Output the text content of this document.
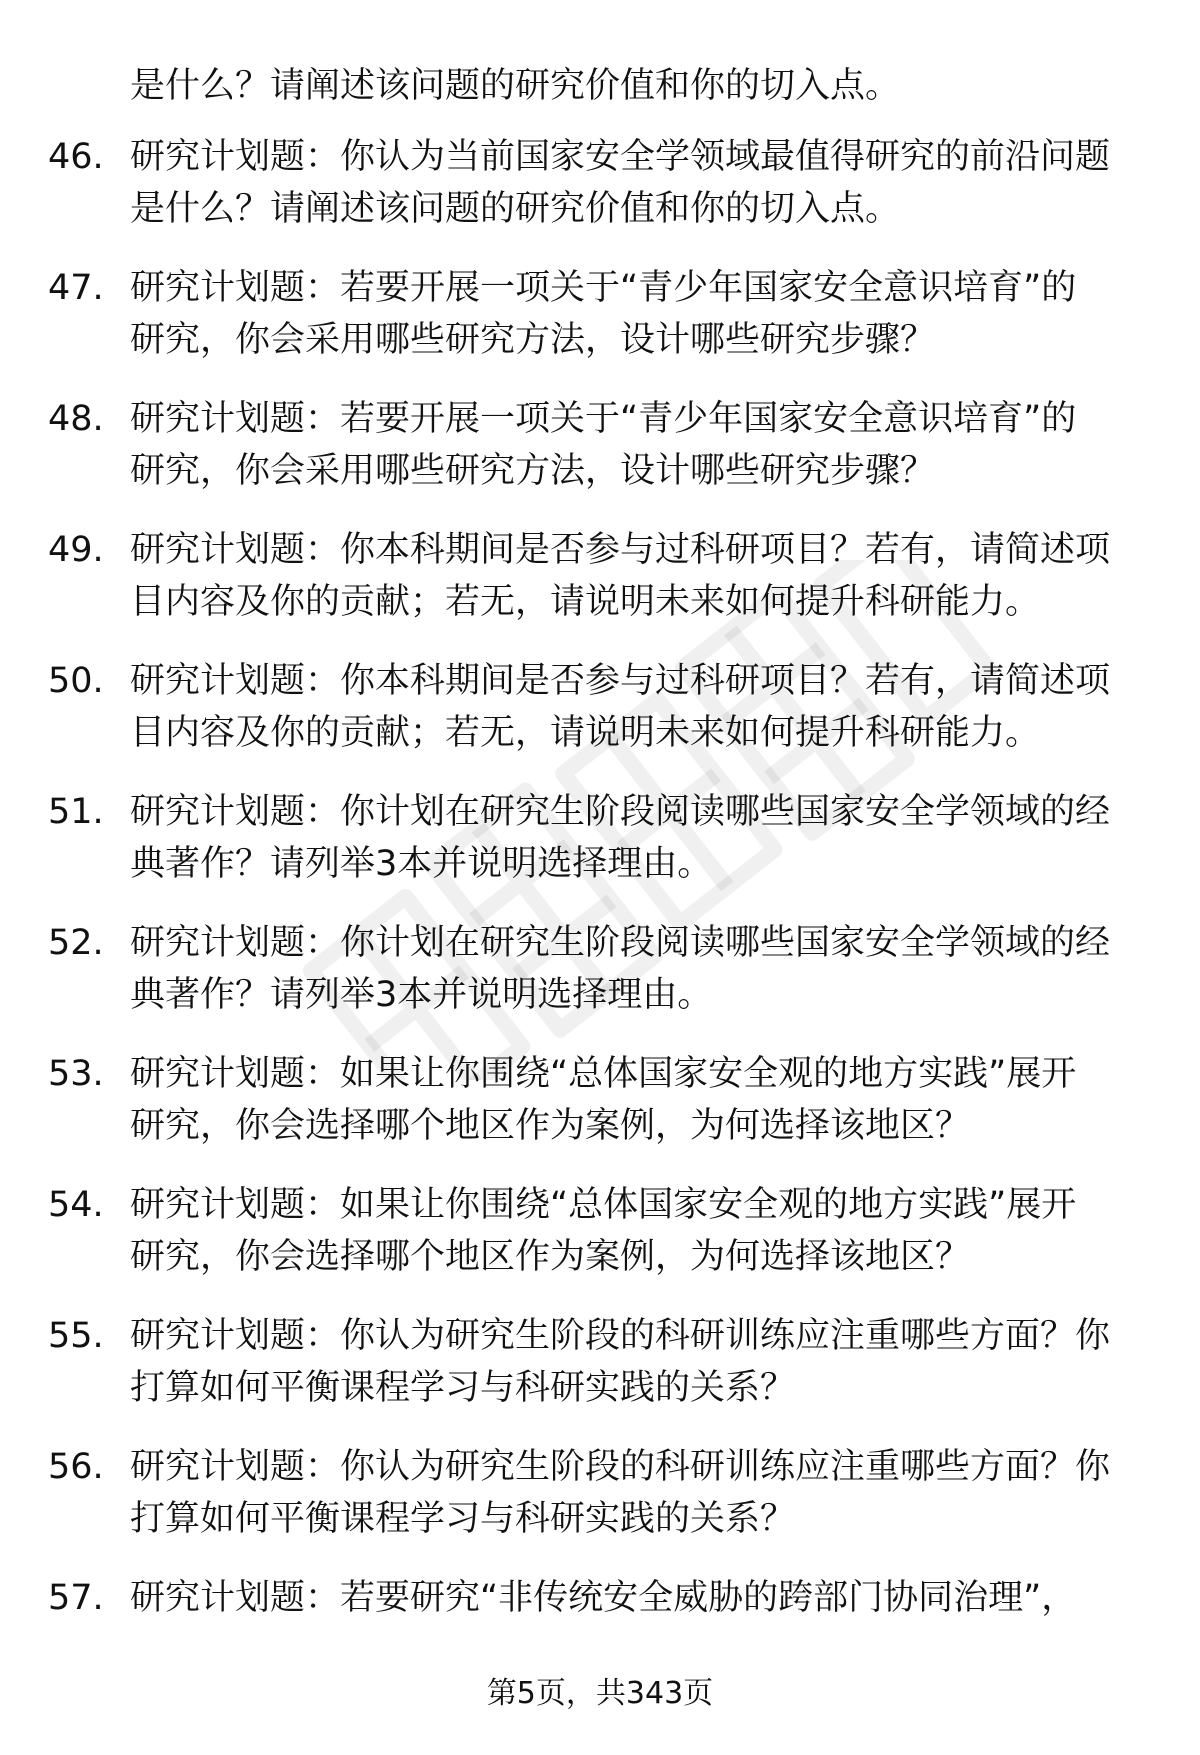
是什么？请阐述该问题的研究价值和你的切入点。
46. 研究计划题：你认为当前国家安全学领域最值得研究的前沿问题
是什么？请阐述该问题的研究价值和你的切入点。
47. 研究计划题：若要开展一项关于“青少年国家安全意识培育”的
研究，你会采用哪些研究方法，设计哪些研究步骤？
48. 研究计划题：若要开展一项关于“青少年国家安全意识培育”的
研究，你会采用哪些研究方法，设计哪些研究步骤？
49. 研究计划题：你本科期间是否参与过科研项目？若有，请简述项
目内容及你的贡献；若无，请说明未来如何提升科研能力。
50. 研究计划题：你本科期间是否参与过科研项目？若有，请简述项
目内容及你的贡献；若无，请说明未来如何提升科研能力。
51. 研究计划题：你计划在研究生阶段阅读哪些国家安全学领域的经
典著作？请列举3本并说明选择理由。
52. 研究计划题：你计划在研究生阶段阅读哪些国家安全学领域的经
典著作？请列举3本并说明选择理由。
53. 研究计划题：如果让你围绕“总体国家安全观的地方实践”展开
研究，你会选择哪个地区作为案例，为何选择该地区？
54. 研究计划题：如果让你围绕“总体国家安全观的地方实践”展开
研究，你会选择哪个地区作为案例，为何选择该地区？
55. 研究计划题：你认为研究生阶段的科研训练应注重哪些方面？你
打算如何平衡课程学习与科研实践的关系？
56. 研究计划题：你认为研究生阶段的科研训练应注重哪些方面？你
打算如何平衡课程学习与科研实践的关系？
57. 研究计划题：若要研究“非传统安全威胁的跨部门协同治理”，
第5页，共343页
